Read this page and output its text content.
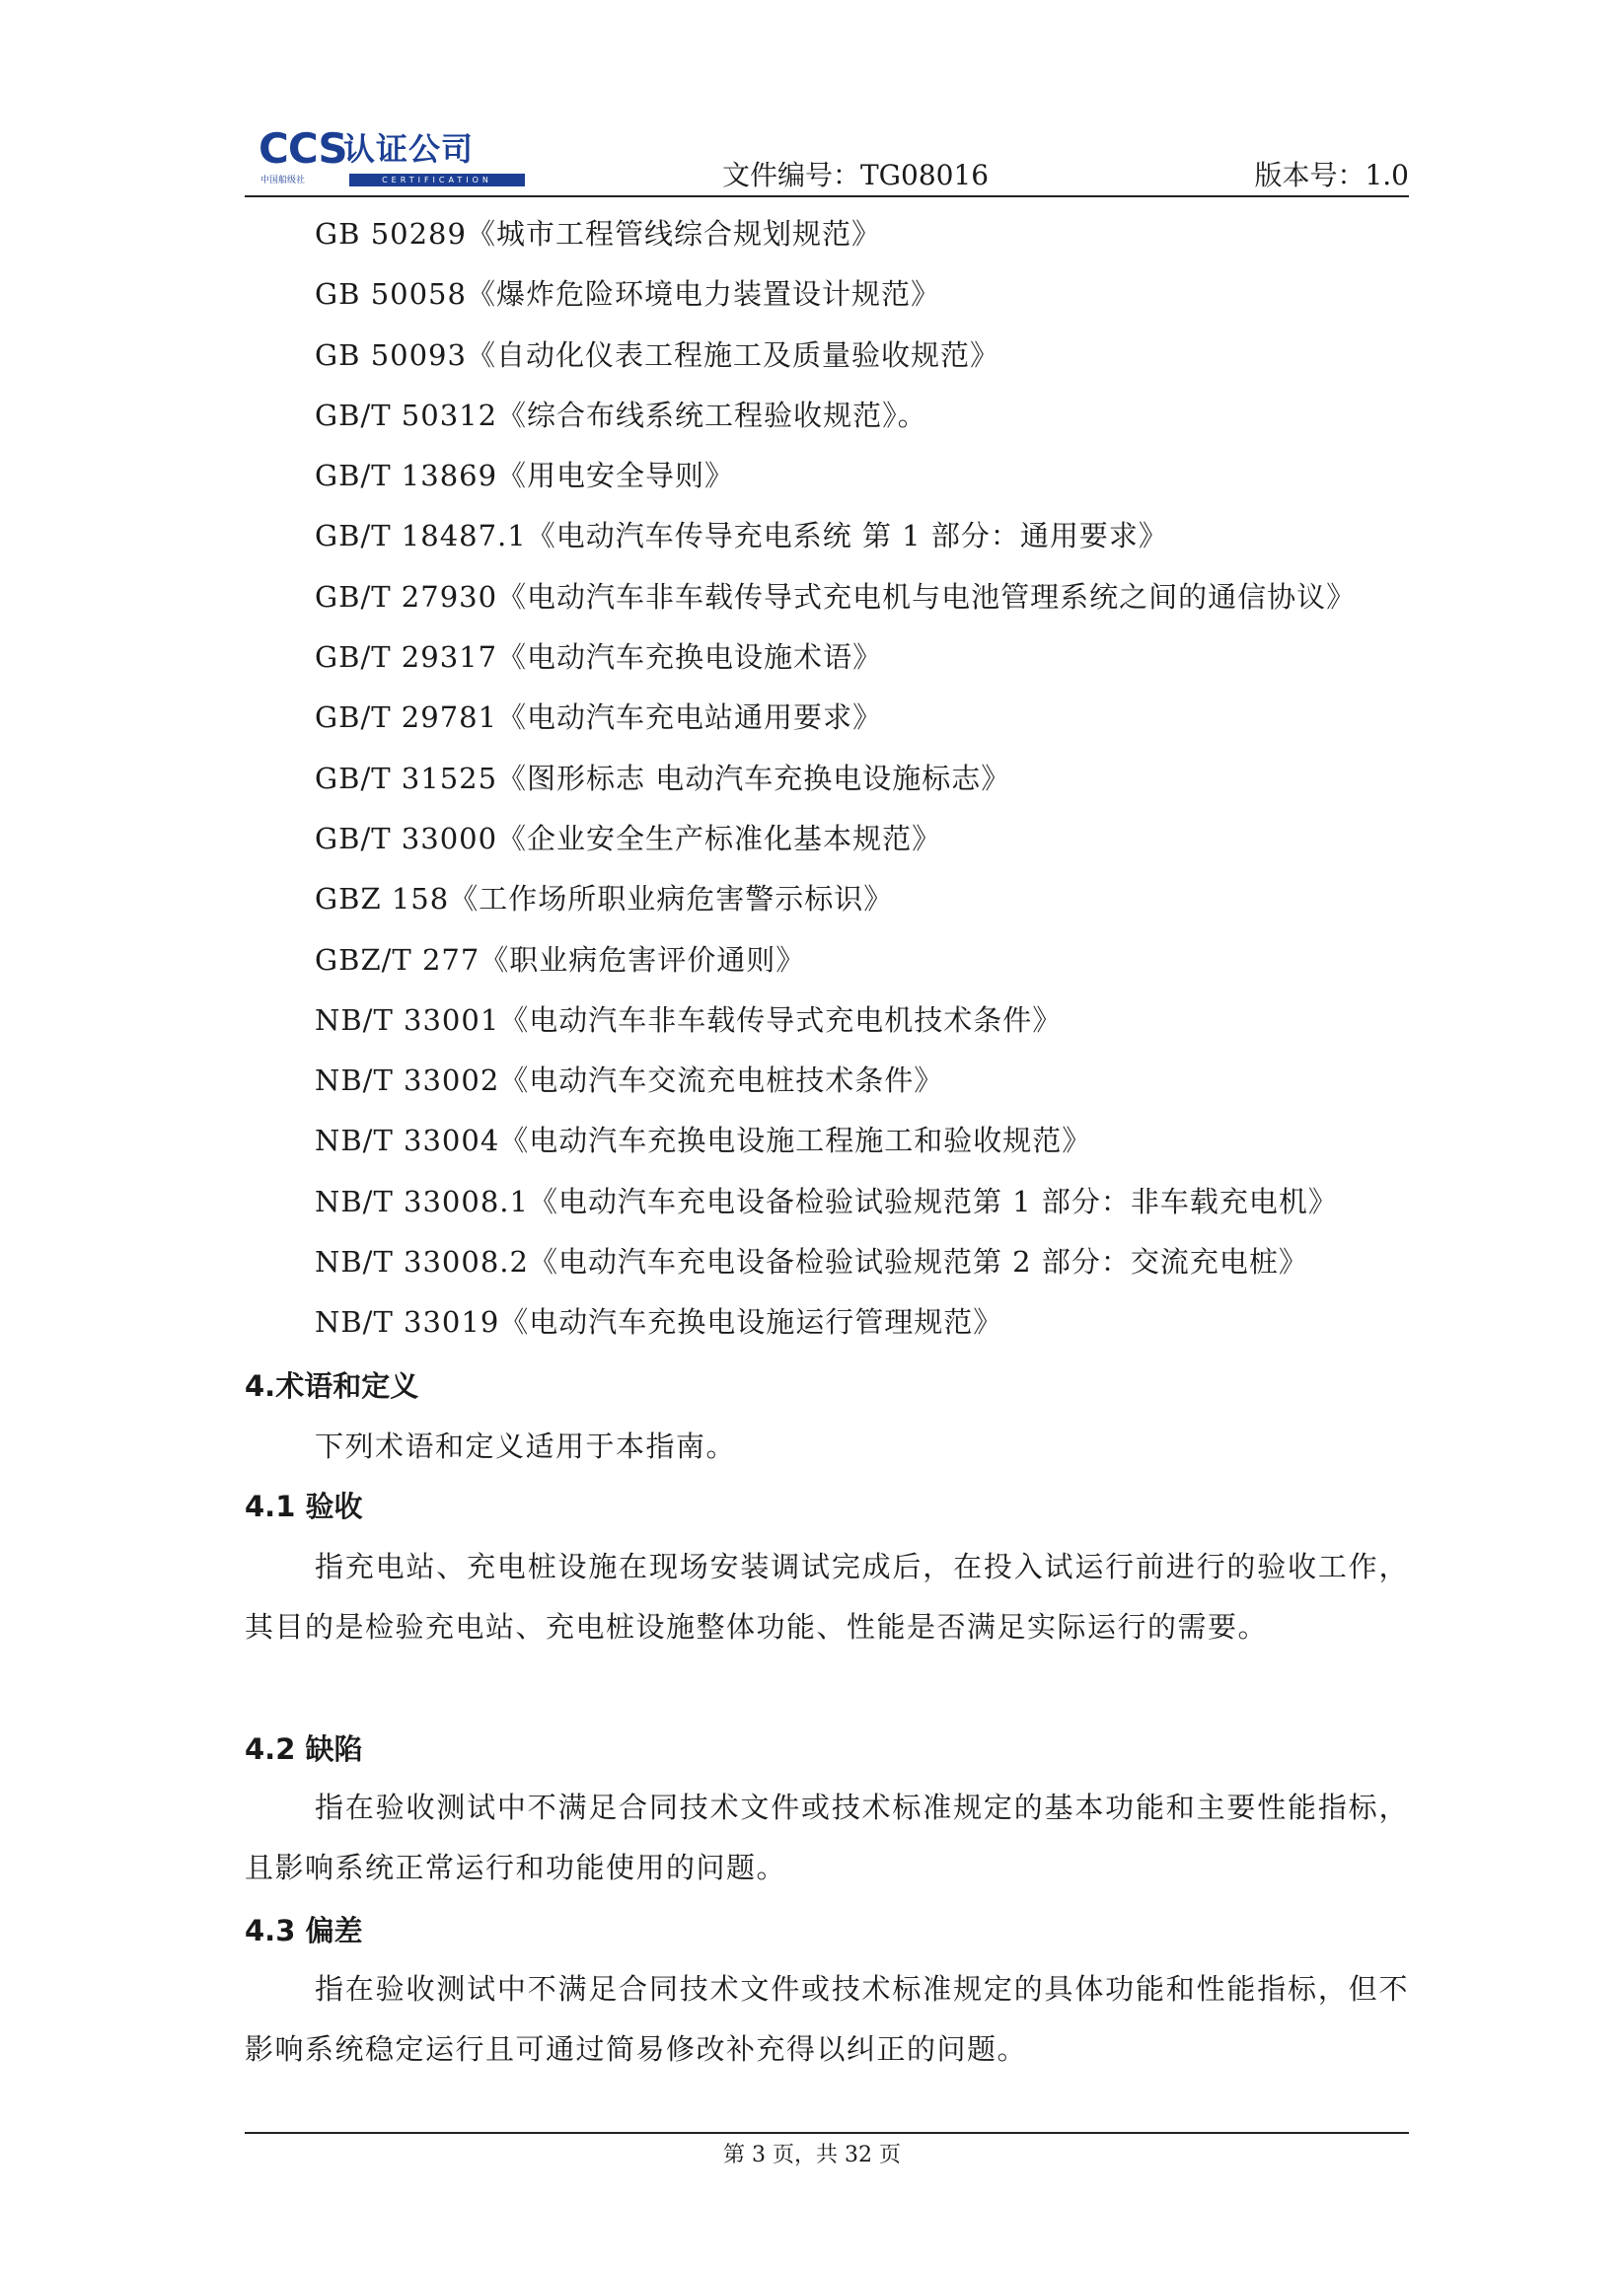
CCS
认证公司
中国船级社	CERTIFICATION	文件编号：TG08016	版本号：1.0
GB 50289《城市工程管线综合规划规范》
GB 50058《爆炸危险环境电力装置设计规范》
GB 50093《自动化仪表工程施工及质量验收规范》
GB/T 50312《综合布线系统工程验收规范》。
GB/T 13869《用电安全导则》
GB/T 18487.1《电动汽车传导充电系统 第 1 部分：通用要求》
GB/T 27930《电动汽车非车载传导式充电机与电池管理系统之间的通信协议》
GB/T 29317《电动汽车充换电设施术语》
GB/T 29781《电动汽车充电站通用要求》
GB/T 31525《图形标志 电动汽车充换电设施标志》
GB/T 33000《企业安全生产标准化基本规范》
GBZ 158《工作场所职业病危害警示标识》
GBZ/T 277《职业病危害评价通则》
NB/T 33001《电动汽车非车载传导式充电机技术条件》
NB/T 33002《电动汽车交流充电桩技术条件》
NB/T 33004《电动汽车充换电设施工程施工和验收规范》
NB/T 33008.1《电动汽车充电设备检验试验规范第 1 部分：非车载充电机》
NB/T 33008.2《电动汽车充电设备检验试验规范第 2 部分：交流充电桩》
NB/T 33019《电动汽车充换电设施运行管理规范》
4.术语和定义

下列术语和定义适用于本指南。

4.1 验收

指充电站、充电桩设施在现场安装调试完成后，在投入试运行前进行的验收工作，其目的是检验充电站、充电桩设施整体功能、性能是否满足实际运行的需要。

4.2 缺陷

指在验收测试中不满足合同技术文件或技术标准规定的基本功能和主要性能指标，且影响系统正常运行和功能使用的问题。

4.3 偏差

指在验收测试中不满足合同技术文件或技术标准规定的具体功能和性能指标，但不影响系统稳定运行且可通过简易修改补充得以纠正的问题。

第 3 页，共 32 页
